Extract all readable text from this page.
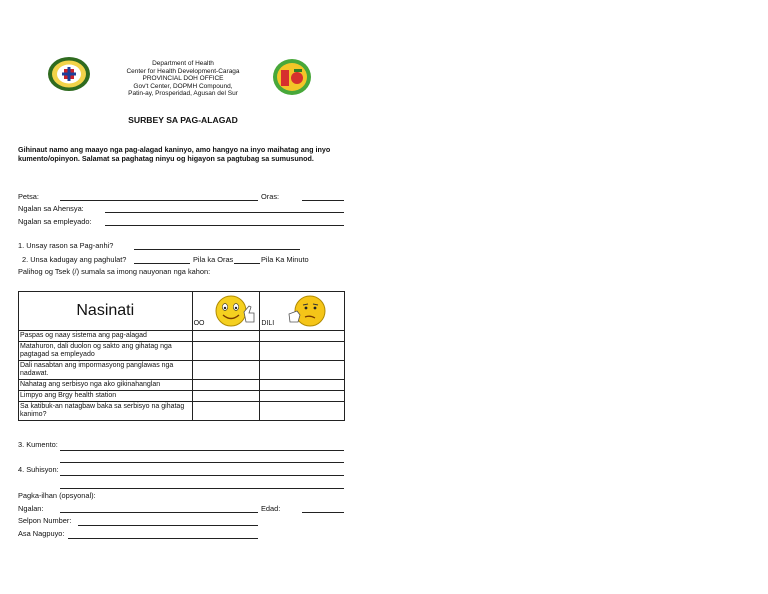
Department of Health
Center for Health Development-Caraga
PROVINCIAL DOH OFFICE
Gov't Center, DOPMH Compound,
Patin-ay, Prosperidad, Agusan del Sur
SURBEY SA PAG-ALAGAD
Gihinaut namo ang maayo nga pag-alagad kaninyo, amo hangyo na inyo maihatag ang inyo kumento/opinyon. Salamat sa paghatag ninyu og higayon sa pagtubag sa sumusunod.
Petsa:	Oras:
Ngalan sa Ahensya:
Ngalan sa empleyado:
1. Unsay rason sa Pag-anhi?
2. Unsa kadugay ang paghulat?	Pila ka Oras	Pila Ka Minuto
Palihog og Tsek (/) sumala sa imong nauyonan nga kahon:
Nasinati	OO	DILI

Paspas og naay sistema ang pag-alagad		
Matahuron, dali duolon og sakto ang gihatag nga pagtagad sa empleyado		
Dali nasabtan ang impormasyong panglawas nga nadawat.		
Nahatag ang serbisyo nga ako gikinahanglan		
Limpyo ang Brgy health station		
Sa katibuk-an natagbaw baka sa serbisyo na gihatag kanimo?		
3. Kumento:
4. Suhisyon:
Pagka-ilhan (opsyonal):
Ngalan:	Edad:
Selpon Number:
Asa Nagpuyo:
